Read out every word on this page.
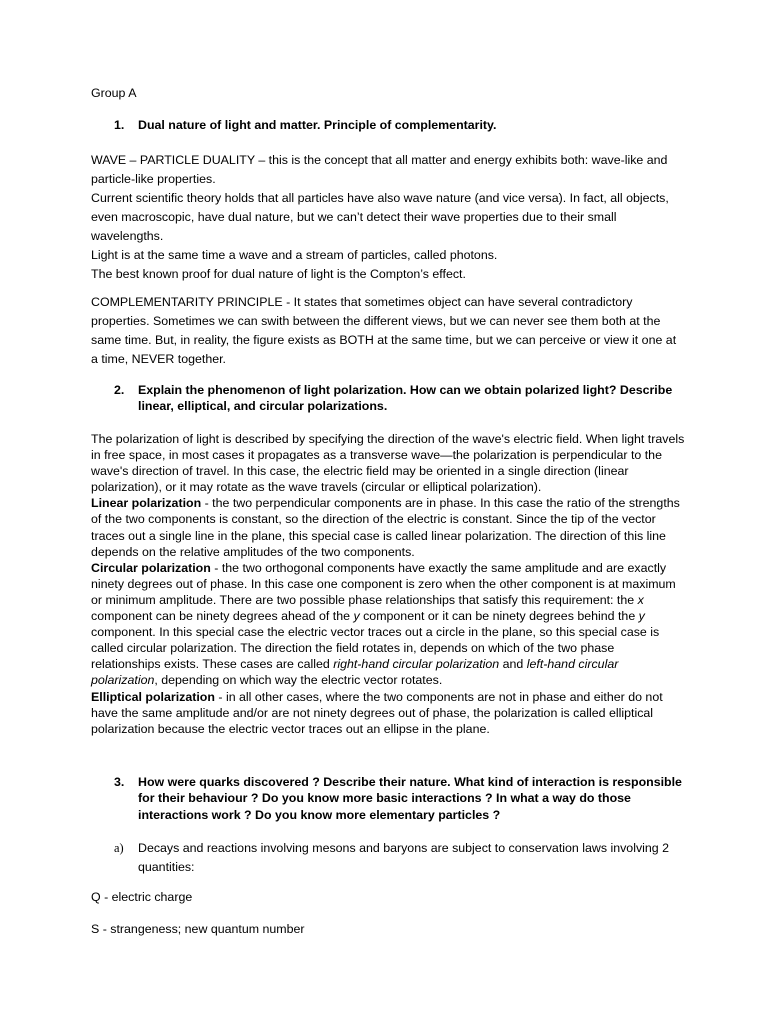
Group A

1.	Dual nature of light and matter. Principle of complementarity.

WAVE – PARTICLE DUALITY – this is the concept that all matter and energy exhibits both: wave-like and particle-like properties.
Current scientific theory holds that all particles have also wave nature (and vice versa). In fact, all objects, even macroscopic, have dual nature, but we can’t detect their wave properties due to their small wavelengths.
Light is at the same time a wave and a stream of particles, called photons.
The best known proof for dual nature of light is the Compton’s effect.

COMPLEMENTARITY PRINCIPLE - It states that sometimes object can have several contradictory properties. Sometimes we can swith between the different views, but we can never see them both at the same time. But, in reality, the figure exists as BOTH at the same time, but we can perceive or view it one at a time, NEVER together.

2.	Explain the phenomenon of light polarization. How can we obtain polarized light? Describe linear, elliptical, and circular polarizations.

The polarization of light is described by specifying the direction of the wave's electric field. When light travels in free space, in most cases it propagates as a transverse wave—the polarization is perpendicular to the wave's direction of travel. In this case, the electric field may be oriented in a single direction (linear polarization), or it may rotate as the wave travels (circular or elliptical polarization).
Linear polarization - the two perpendicular components are in phase. In this case the ratio of the strengths of the two components is constant, so the direction of the electric is constant. Since the tip of the vector traces out a single line in the plane, this special case is called linear polarization. The direction of this line depends on the relative amplitudes of the two components.
Circular polarization - the two orthogonal components have exactly the same amplitude and are exactly ninety degrees out of phase. In this case one component is zero when the other component is at maximum or minimum amplitude. There are two possible phase relationships that satisfy this requirement: the x component can be ninety degrees ahead of the y component or it can be ninety degrees behind the y component. In this special case the electric vector traces out a circle in the plane, so this special case is called circular polarization. The direction the field rotates in, depends on which of the two phase relationships exists. These cases are called right-hand circular polarization and left-hand circular polarization, depending on which way the electric vector rotates.
Elliptical polarization - in all other cases, where the two components are not in phase and either do not have the same amplitude and/or are not ninety degrees out of phase, the polarization is called elliptical polarization because the electric vector traces out an ellipse in the plane.
3.	How were quarks discovered ? Describe their nature. What kind of interaction is responsible for their behaviour ? Do you know more basic interactions ? In what a way do those interactions work ? Do you know more elementary particles ?

a)	Decays and reactions involving mesons and baryons are subject to conservation laws involving 2 quantities:

Q - electric charge

S - strangeness; new quantum number
